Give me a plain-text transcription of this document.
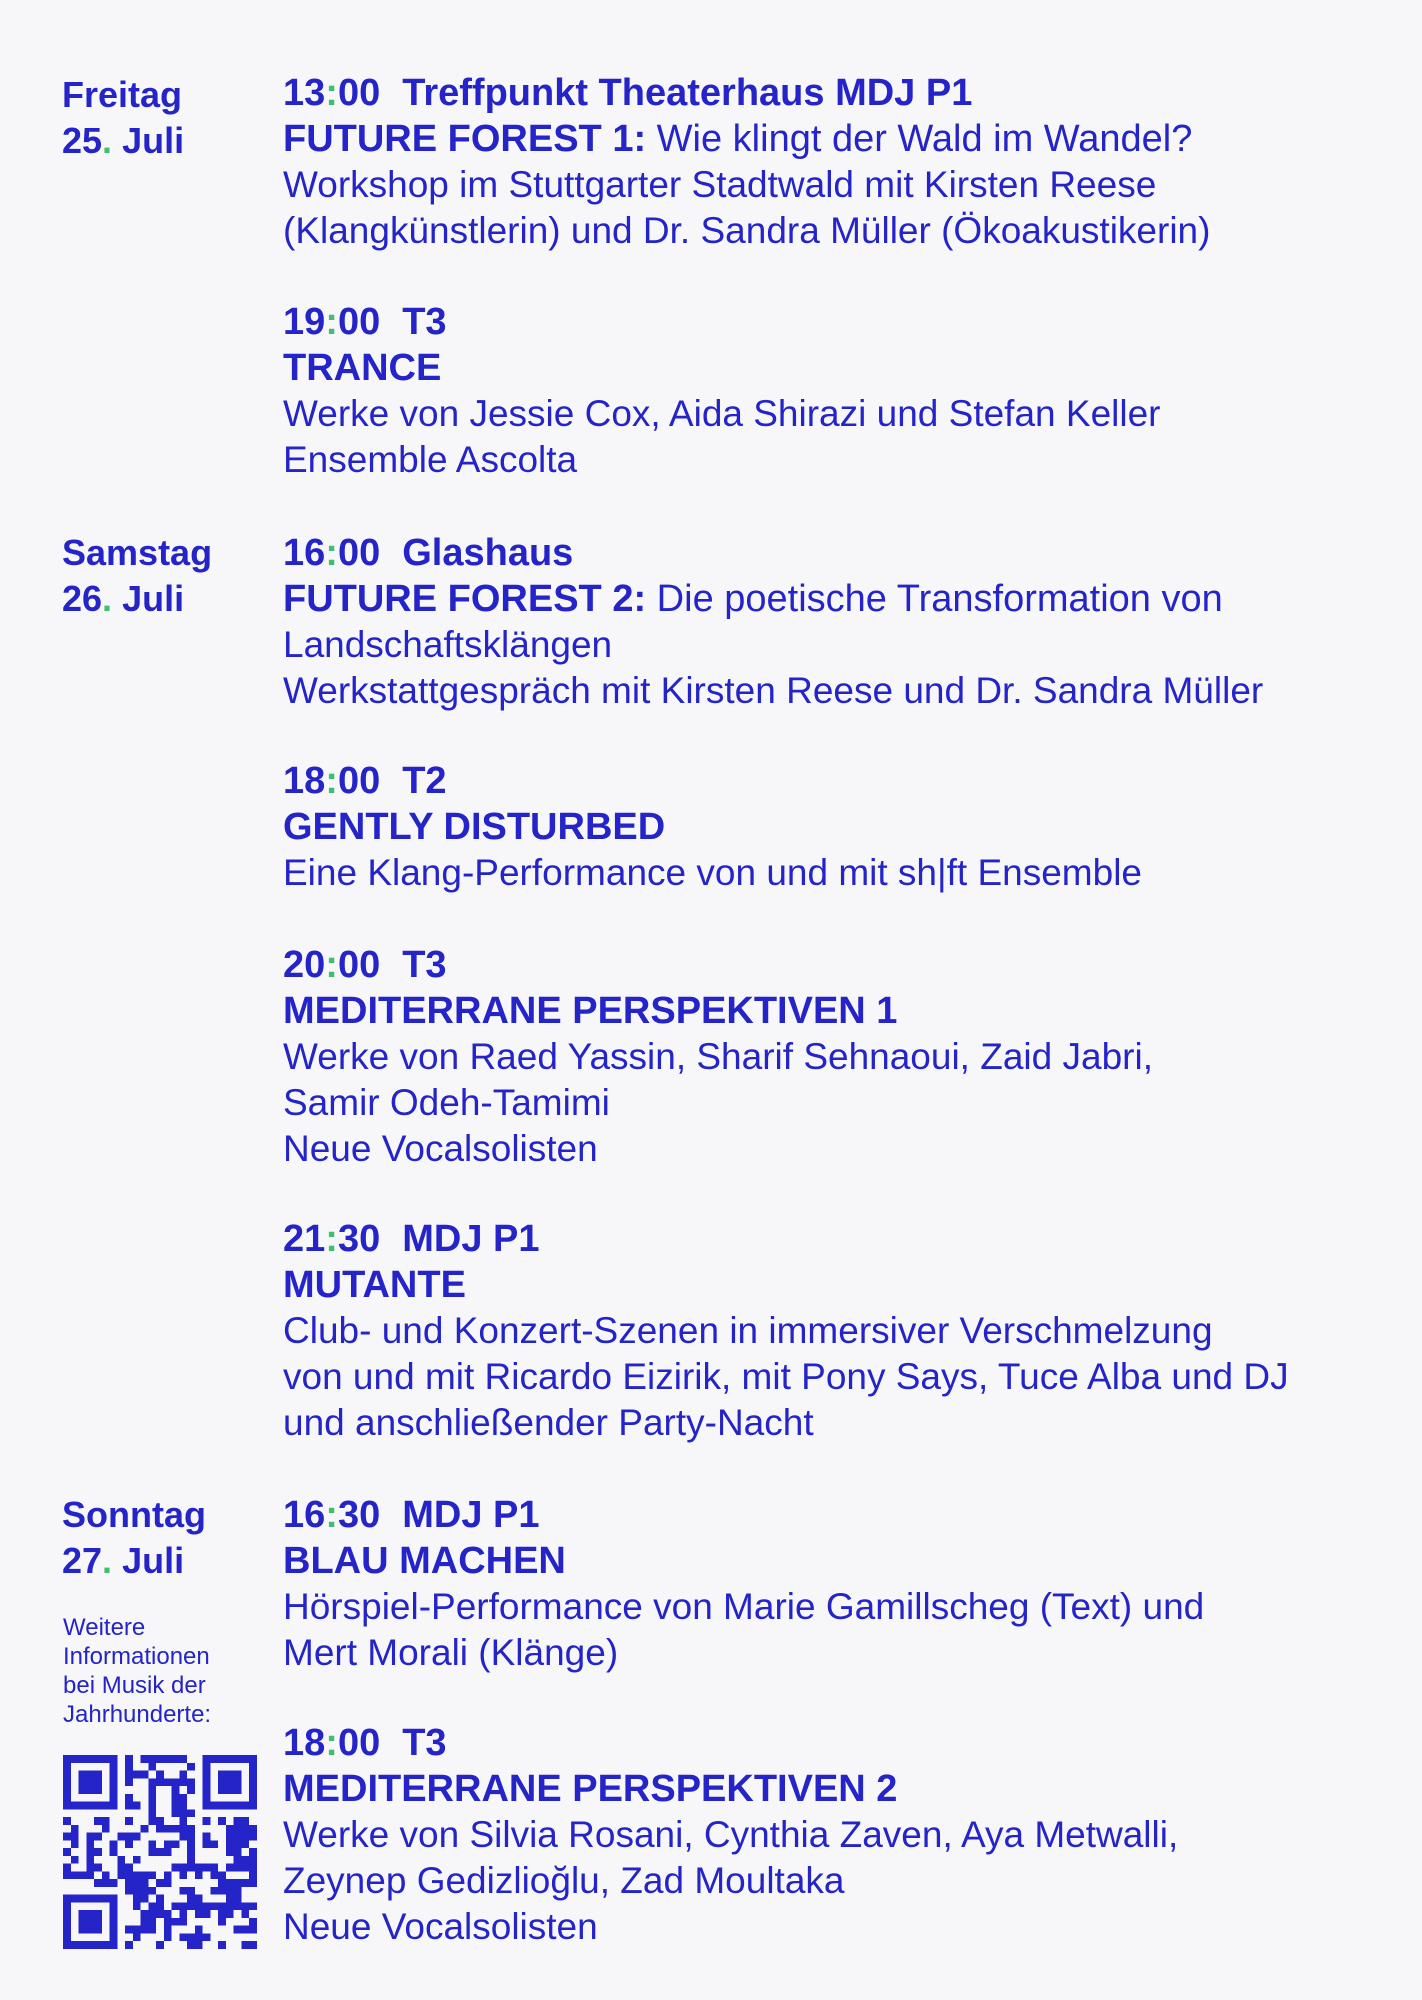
Freitag
25. Juli
Samstag
26. Juli
Sonntag
27. Juli
13:00 Treffpunkt Theaterhaus MDJ P1
FUTURE FOREST 1: Wie klingt der Wald im Wandel?
Workshop im Stuttgarter Stadtwald mit Kirsten Reese
(Klangkünstlerin) und Dr. Sandra Müller (Ökoakustikerin)
19:00 T3
TRANCE
Werke von Jessie Cox, Aida Shirazi und Stefan Keller
Ensemble Ascolta
16:00 Glashaus
FUTURE FOREST 2: Die poetische Transformation von
Landschaftsklängen
Werkstattgespräch mit Kirsten Reese und Dr. Sandra Müller
18:00 T2
GENTLY DISTURBED
Eine Klang-Performance von und mit sh|ft Ensemble
20:00 T3
MEDITERRANE PERSPEKTIVEN 1
Werke von Raed Yassin, Sharif Sehnaoui, Zaid Jabri,
Samir Odeh-Tamimi
Neue Vocalsolisten
21:30 MDJ P1
MUTANTE
Club- und Konzert-Szenen in immersiver Verschmelzung
von und mit Ricardo Eizirik, mit Pony Says, Tuce Alba und DJ
und anschließender Party-Nacht
16:30 MDJ P1
BLAU MACHEN
Hörspiel-Performance von Marie Gamillscheg (Text) und
Mert Morali (Klänge)
18:00 T3
MEDITERRANE PERSPEKTIVEN 2
Werke von Silvia Rosani, Cynthia Zaven, Aya Metwalli,
Zeynep Gedizlioğlu, Zad Moultaka
Neue Vocalsolisten
Weitere
Informationen
bei Musik der
Jahrhunderte:
